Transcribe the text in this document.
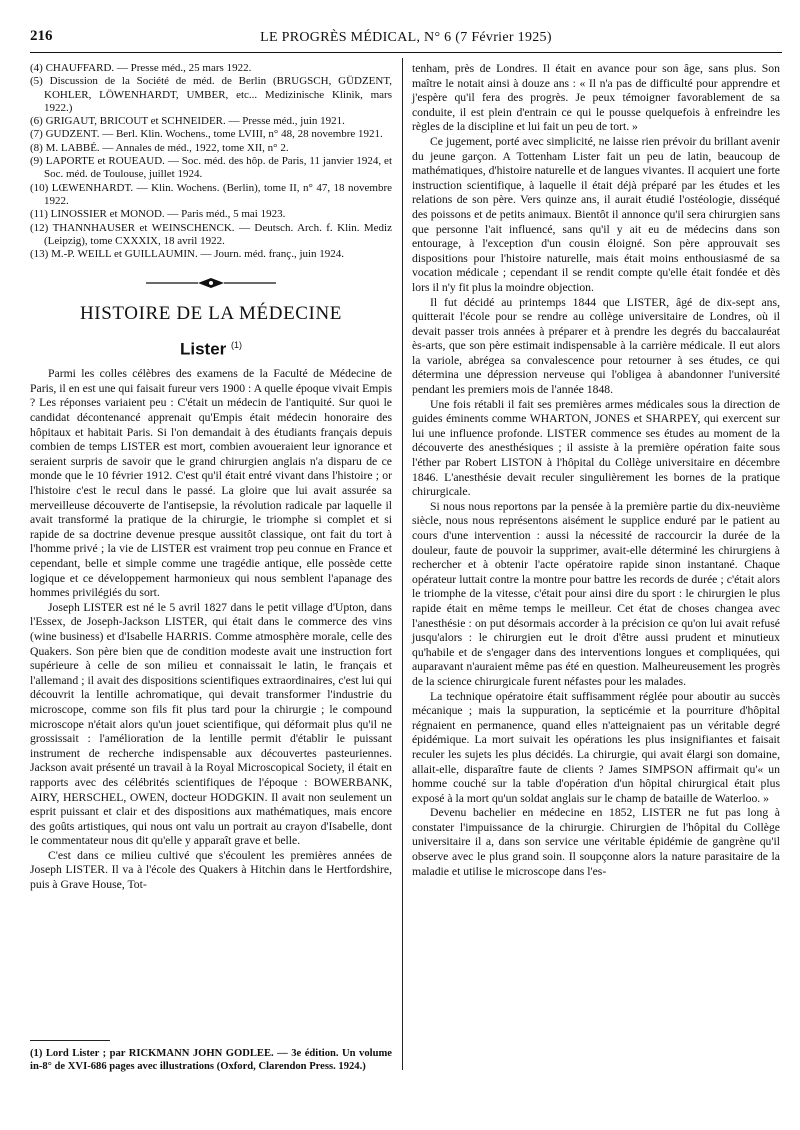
216	LE PROGRÈS MÉDICAL, N° 6 (7 Février 1925)
(4) CHAUFFARD. — Presse méd., 25 mars 1922.
(5) Discussion de la Société de méd. de Berlin (BRUGSCH, GÜDZENT, KOHLER, LÖWENHARDT, UMBER, etc... Medizinische Klinik, mars 1922.)
(6) GRIGAUT, BRICOUT et SCHNEIDER. — Presse méd., juin 1921.
(7) GUDZENT. — Berl. Klin. Wochens., tome LVIII, n° 48, 28 novembre 1921.
(8) M. LABBÉ. — Annales de méd., 1922, tome XII, n° 2.
(9) LAPORTE et ROUEAUD. — Soc. méd. des hôp. de Paris, 11 janvier 1924, et Soc. méd. de Toulouse, juillet 1924.
(10) LŒWENHARDT. — Klin. Wochens. (Berlin), tome II, n° 47, 18 novembre 1922.
(11) LINOSSIER et MONOD. — Paris méd., 5 mai 1923.
(12) THANNHAUSER et WEINSCHENCK. — Deutsch. Arch. f. Klin. Mediz (Leipzig), tome CXXXIX, 18 avril 1922.
(13) M.-P. WEILL et GUILLAUMIN. — Journ. méd. franç., juin 1924.
HISTOIRE DE LA MÉDECINE
Lister $^{(1)}$

Parmi les colles célèbres des examens de la Faculté de Médecine de Paris, il en est une qui faisait fureur vers 1900 : A quelle époque vivait Empis ? Les réponses variaient peu : C'était un médecin de l'antiquité. Sur quoi le candidat décontenancé apprenait qu'Empis était médecin honoraire des hôpitaux et habitait Paris. Si l'on demandait à des étudiants français depuis combien de temps LISTER est mort, combien avoueraient leur ignorance et seraient surpris de savoir que le grand chirurgien anglais n'a disparu de ce monde que le 10 février 1912. C'est qu'il était entré vivant dans l'histoire ; or l'histoire c'est le recul dans le passé. La gloire que lui avait assurée sa merveilleuse découverte de l'antisepsie, la révolution radicale par laquelle il avait transformé la pratique de la chirurgie, le triomphe si complet et si rapide de sa doctrine devenue presque aussitôt classique, ont fait du tort à l'homme privé ; la vie de LISTER est vraiment trop peu connue en France et cependant, belle et simple comme une tragédie antique, elle possède cette logique et ce développement harmonieux qui nous semblent l'apanage des hommes privilégiés du sort.

Joseph LISTER est né le 5 avril 1827 dans le petit village d'Upton, dans l'Essex, de Joseph-Jackson LISTER, qui était dans le commerce des vins (wine business) et d'Isabelle HARRIS. Comme atmosphère morale, celle des Quakers. Son père bien que de condition modeste avait une instruction fort supérieure à celle de son milieu et connaissait le latin, le français et l'allemand ; il avait des dispositions scientifiques extraordinaires, c'est lui qui découvrit la lentille achromatique, qui devait transformer l'industrie du microscope, comme son fils fit plus tard pour la chirurgie ; le compound microscope n'était alors qu'un jouet scientifique, qui déformait plus qu'il ne grossissait : l'amélioration de la lentille permit d'établir le puissant instrument de recherche indispensable aux découvertes pasteuriennes. Jackson avait présenté un travail à la Royal Microscopical Society, il était en rapports avec des célébrités scientifiques de l'époque : BOWERBANK, AIRY, HERSCHEL, OWEN, docteur HODGKIN. Il avait non seulement un esprit puissant et clair et des dispositions aux mathématiques, mais encore des goûts artistiques, qui nous ont valu un portrait au crayon d'Isabelle, dont le commentateur nous dit qu'elle y apparaît grave et belle.

C'est dans ce milieu cultivé que s'écoulent les premières années de Joseph LISTER. Il va à l'école des Quakers à Hitchin dans le Hertfordshire, puis à Grave House, Tot-

tenham, près de Londres. Il était en avance pour son âge, sans plus. Son maître le notait ainsi à douze ans : « Il n'a pas de difficulté pour apprendre et j'espère qu'il fera des progrès. Je peux témoigner favorablement de sa conduite, il est plein d'entrain ce qui le pousse quelquefois à enfreindre les règles de la discipline et lui fait un peu de tort. »

Ce jugement, porté avec simplicité, ne laisse rien prévoir du brillant avenir du jeune garçon. A Tottenham Lister fait un peu de latin, beaucoup de mathématiques, d'histoire naturelle et de langues vivantes. Il acquiert une forte instruction scientifique, à laquelle il était déjà préparé par les études et les relations de son père. Vers quinze ans, il aurait étudié l'ostéologie, disséqué des poissons et de petits animaux. Bientôt il annonce qu'il sera chirurgien sans que personne l'ait influencé, sans qu'il y ait eu de médecins dans son entourage, à l'exception d'un cousin éloigné. Son père approuvait ses dispositions pour l'histoire naturelle, mais était moins enthousiasmé de sa vocation médicale ; cependant il se rendit compte qu'elle était fondée et dès lors il n'y fit plus la moindre objection.

Il fut décidé au printemps 1844 que LISTER, âgé de dix-sept ans, quitterait l'école pour se rendre au collège universitaire de Londres, où il devait passer trois années à préparer et à prendre les degrés du baccalauréat ès-arts, que son père estimait indispensable à la carrière médicale. Il eut alors la variole, abrégea sa convalescence pour retourner à ses études, ce qui détermina une dépression nerveuse qui l'obligea à abandonner l'université pendant les premiers mois de l'année 1848.

Une fois rétabli il fait ses premières armes médicales sous la direction de guides éminents comme WHARTON, JONES et SHARPEY, qui exercent sur lui une influence profonde. LISTER commence ses études au moment de la découverte des anesthésiques ; il assiste à la première opération faite sous l'éther par Robert LISTON à l'hôpital du Collège universitaire en décembre 1846. L'anesthésie devait reculer singulièrement les bornes de la pratique chirurgicale.

Si nous nous reportons par la pensée à la première partie du dix-neuvième siècle, nous nous représentons aisément le supplice enduré par le patient au cours d'une intervention : aussi la nécessité de raccourcir la durée de la douleur, faute de pouvoir la supprimer, avait-elle déterminé les chirurgiens à rechercher et à obtenir l'acte opératoire rapide sinon instantané. Chaque opérateur luttait contre la montre pour battre les records de durée ; c'était alors le triomphe de la vitesse, c'était pour ainsi dire du sport : le chirurgien le plus rapide était en même temps le meilleur. Cet état de choses changea avec l'anesthésie : on put désormais accorder à la précision ce qu'on lui avait refusé jusqu'alors : le chirurgien eut le droit d'être aussi prudent et minutieux qu'habile et de s'engager dans des interventions longues et compliquées, qui auparavant n'auraient même pas été en question. Malheureusement les progrès de la science chirurgicale furent néfastes pour les malades.

La technique opératoire était suffisamment réglée pour aboutir au succès mécanique ; mais la suppuration, la septicémie et la pourriture d'hôpital régnaient en permanence, quand elles n'atteignaient pas un véritable degré épidémique. La mort suivait les opérations les plus insignifiantes et faisait reculer les sujets les plus décidés. La chirurgie, qui avait élargi son domaine, allait-elle, disparaître faute de clients ? James SIMPSON affirmait qu'« un homme couché sur la table d'opération d'un hôpital chirurgical était plus exposé à la mort qu'un soldat anglais sur le champ de bataille de Waterloo. »

Devenu bachelier en médecine en 1852, LISTER ne fut pas long à constater l'impuissance de la chirurgie. Chirurgien de l'hôpital du Collège universitaire il a, dans son service une véritable épidémie de gangrène qu'il observe avec le plus grand soin. Il soupçonne alors la nature parasitaire de la maladie et utilise le microscope dans l'es-

(1) Lord Lister ; par RICKMANN JOHN GODLEE. — 3e édition. Un volume in-8° de XVI-686 pages avec illustrations (Oxford, Clarendon Press. 1924.)
